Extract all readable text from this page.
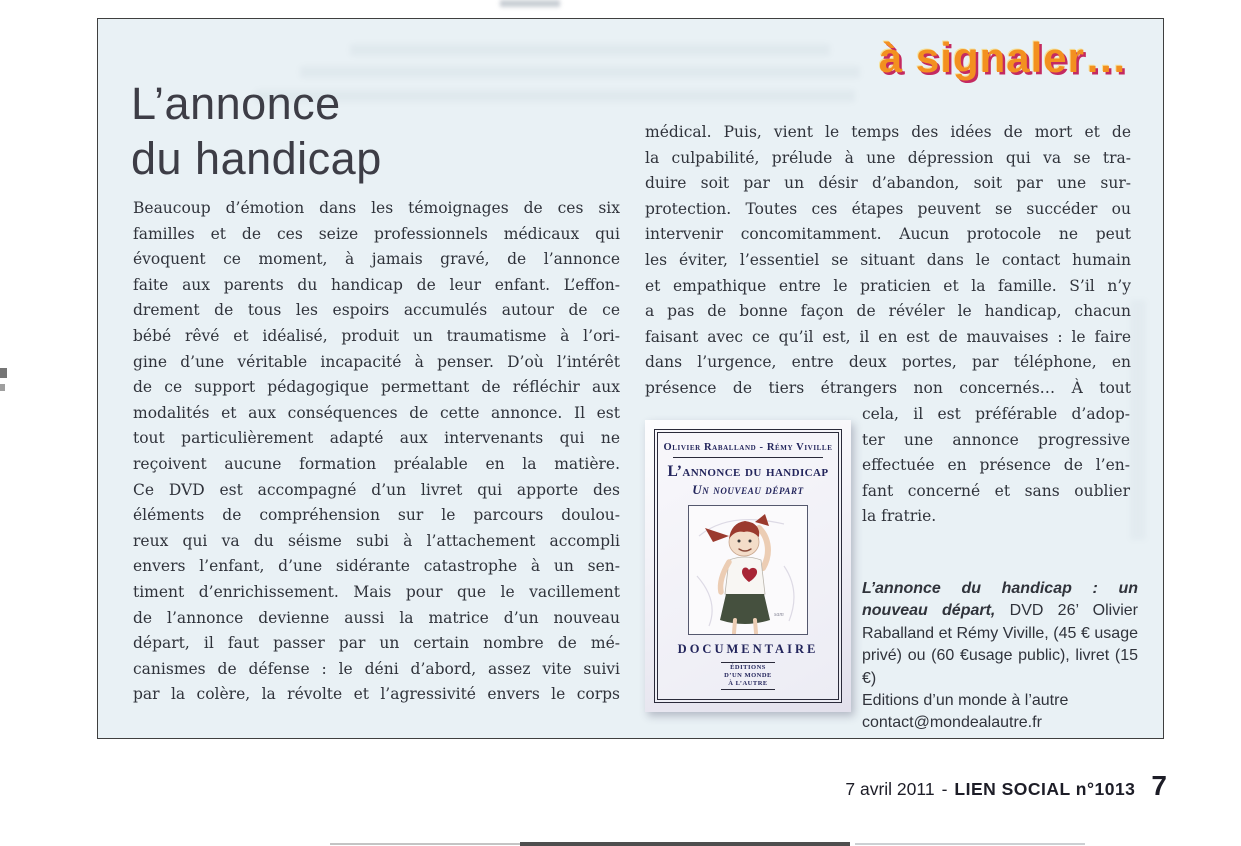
à signaler…
L’annonce
du handicap
Beaucoup d’émotion dans les témoignages de ces six
familles et de ces seize professionnels médicaux qui
évoquent ce moment, à jamais gravé, de l’annonce
faite aux parents du handicap de leur enfant. L’effon-
drement de tous les espoirs accumulés autour de ce
bébé rêvé et idéalisé, produit un traumatisme à l’ori-
gine d’une véritable incapacité à penser. D’où l’intérêt
de ce support pédagogique permettant de réfléchir aux
modalités et aux conséquences de cette annonce. Il est
tout particulièrement adapté aux intervenants qui ne
reçoivent aucune formation préalable en la matière.
Ce DVD est accompagné d’un livret qui apporte des
éléments de compréhension sur le parcours doulou-
reux qui va du séisme subi à l’attachement accompli
envers l’enfant, d’une sidérante catastrophe à un sen-
timent d’enrichissement. Mais pour que le vacillement
de l’annonce devienne aussi la matrice d’un nouveau
départ, il faut passer par un certain nombre de mé-
canismes de défense : le déni d’abord, assez vite suivi
par la colère, la révolte et l’agressivité envers le corps
médical. Puis, vient le temps des idées de mort et de
la culpabilité, prélude à une dépression qui va se tra-
duire soit par un désir d’abandon, soit par une sur-
protection. Toutes ces étapes peuvent se succéder ou
intervenir concomitamment. Aucun protocole ne peut
les éviter, l’essentiel se situant dans le contact humain
et empathique entre le praticien et la famille. S’il n’y
a pas de bonne façon de révéler le handicap, chacun
faisant avec ce qu’il est, il en est de mauvaises : le faire
dans l’urgence, entre deux portes, par téléphone, en
présence de tiers étrangers non concernés… À tout
cela, il est préférable d’adop-
ter une annonce progressive
effectuée en présence de l’en-
fant concerné et sans oublier
la fratrie.
Olivier Raballand - Rémy Viville
L’annonce du handicap
Un nouveau départ
sam
DOCUMENTAIRE
ÉDITIONS
D’UN MONDE
À L’AUTRE

L’annonce du handicap : un nouveau départ, DVD 26’ Olivier Raballand et Rémy Viville, (45 € usage privé) ou (60 €usage public), livret (15 €)

Editions d’un monde à l’autre
contact@mondealautre.fr
7 avril 2011 - LIEN SOCIAL n°1013 7
